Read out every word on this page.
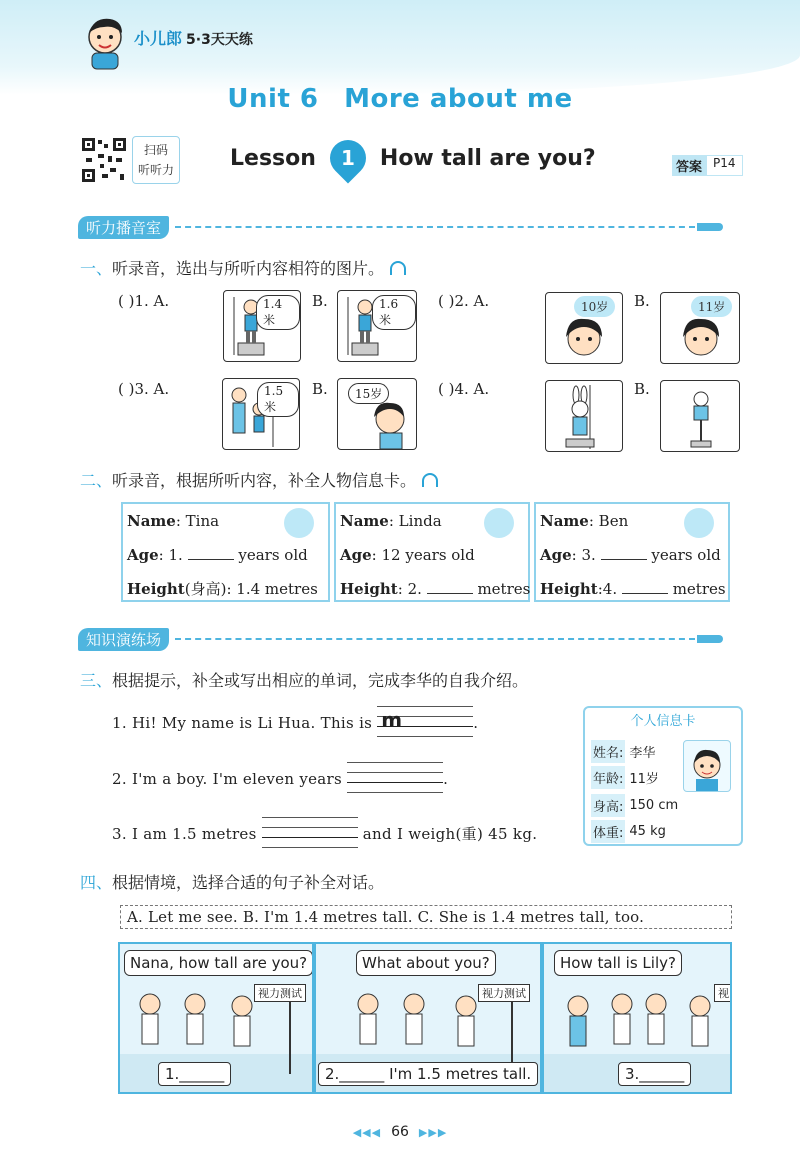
小儿郎 5·3天天练
Unit 6 More about me
扫码
听听力	Lesson 1 How tall are you?	答案 P14
听力播音室
一、听录音，选出与所听内容相符的图片。
( )1. A.	1.4米
B.	1.6米
( )2. A.	10岁	B.	11岁
( )3. A.	1.5米
B.	15岁	( )4. A.	B.
二、听录音，根据所听内容，补全人物信息卡。
Name: Tina
Age: 1.	years old
Height(身高): 1.4 metres
Name: Linda
Age: 12 years old
Height: 2.	metres
Name: Ben
Age: 3.	years old
Height:4.	metres
知识演练场
三、根据提示，补全或写出相应的单词，完成李华的自我介绍。
1. Hi! My name is Li Hua. This is m	.
2. I'm a boy. I'm eleven years	.
3. I am 1.5 metres	and I weigh(重) 45 kg.
个人信息卡
姓名: 李华
年龄: 11岁
身高: 150 cm
体重: 45 kg
四、根据情境，选择合适的句子补全对话。
A. Let me see. B. I'm 1.4 metres tall. C. She is 1.4 metres tall, too.
Nana, how tall are you?
视力测试
1.______
What about you?
视力测试
2.______ I'm 1.5 metres tall.
How tall is Lily?
视
3.______
◀◀◀ 66 ▶▶▶
